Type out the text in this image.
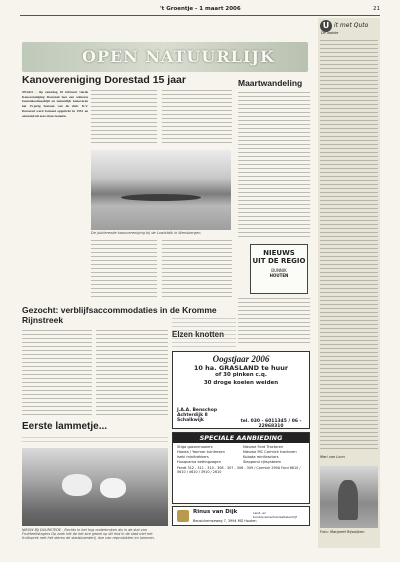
't Groentje - 1 maart 2006	21
OPEN NATUURLIJK
Kanovereniging Dorestad 15 jaar
NEGIO - Op zaterdag 18 februari vierde Kanovereniging Dorestad met een winterse boerenkoolmaaltijd en natuurlijk kanovaren het 15-jarig bestaan van de club. K.V. Dorestad werd formeel opgericht in 1991 en ontstond uit een cursus kanoën.
De jubilerende kanovereniging bij de Lowisfalk in Wensbergen.
Maartwandeling
NIEUWS
UIT DE REGIO
BUNNIK
HOUTEN
Gezocht: verblijfsaccommodaties in de Kromme Rijnstreek
Elzen knotten
Oogstjaar 2006
10 ha. GRASLAND te huur
of 30 pinken c.q.
30 droge koeien weiden
J.A.A. Benschop
Achterdijk 8
Schalkwijk	tel. 030 - 6011345 / 06 - 22968310
Eerste lammetje...
NIEUW BIJ DUURSTEDE - Rechts in het hog onderbroken als in de stal van Fruitteeltstagers Op zoek het de het sint gewel op dit mid in de stad met het fruitoprek met het stereo de stadsboerderij, doe van reprodukten en lammen.
SPECIALE AANBIEDING
Stiga gazonmaaiers	Nieuwe Ford Tractoren
Honda / Yanmar tuinfrezen	Nieuwe MC Cormick tractoren
Iseki minitrekkers	Kubota minitractors
Husqvarna kettingzagen	Sleppend rijtsysteem
Fendt 312 - 311 - 310 - 308 - 307 - 306 - 309 / Cormick 290A Ford 6610 / 5610 / 4610 / 3910 / 2610
Rinus van Dijk	Land- en tuinbouwmechanisatiebedrijf
Beusichemseweg 7, 3994 MD Houten
U it met Quto
De laatste
Mari van Loon
Foto: Margreet Rijswijken
